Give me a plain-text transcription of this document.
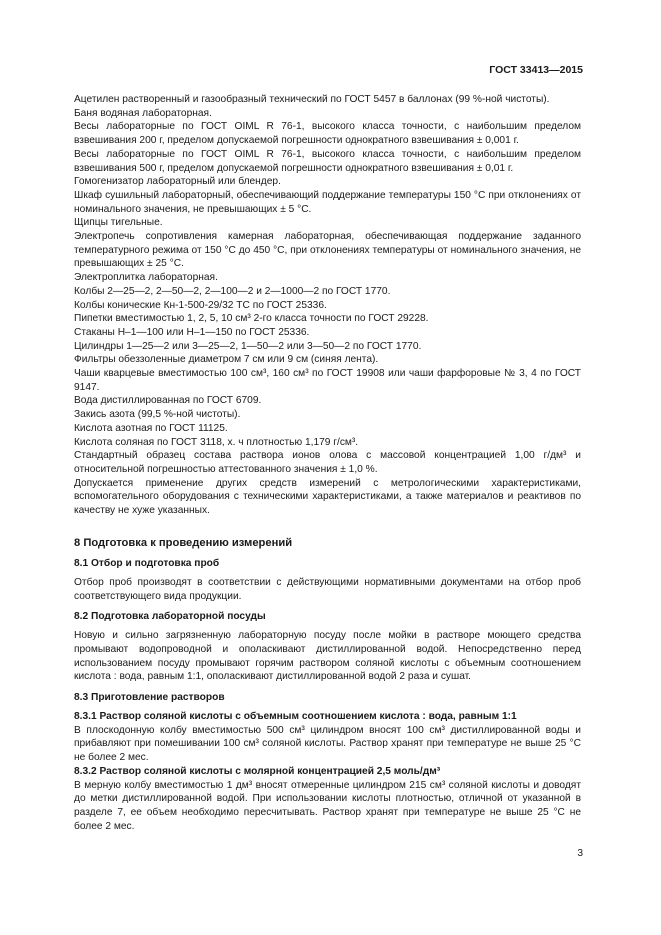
ГОСТ 33413—2015

Ацетилен растворенный и газообразный технический по ГОСТ 5457 в баллонах (99 %-ной чистоты).

Баня водяная лабораторная.

Весы лабораторные по ГОСТ OIML R 76-1, высокого класса точности, с наибольшим пределом взвешивания 200 г, пределом допускаемой погрешности однократного взвешивания ± 0,001 г.

Весы лабораторные по ГОСТ OIML R 76-1, высокого класса точности, с наибольшим пределом взвешивания 500 г, пределом допускаемой погрешности однократного взвешивания ± 0,01 г.

Гомогенизатор лабораторный или блендер.

Шкаф сушильный лабораторный, обеспечивающий поддержание температуры 150 °С при отклонениях от номинального значения, не превышающих ± 5 °С.

Щипцы тигельные.

Электропечь сопротивления камерная лабораторная, обеспечивающая поддержание заданного температурного режима от 150 °С до 450 °С, при отклонениях температуры от номинального значения, не превышающих ± 25 °С.

Электроплитка лабораторная.

Колбы 2—25—2, 2—50—2, 2—100—2 и 2—1000—2 по ГОСТ 1770.

Колбы конические Кн-1-500-29/32 ТС по ГОСТ 25336.

Пипетки вместимостью 1, 2, 5, 10 см³ 2-го класса точности по ГОСТ 29228.

Стаканы Н–1—100 или Н–1—150 по ГОСТ 25336.

Цилиндры 1—25—2 или 3—25—2, 1—50—2 или 3—50—2 по ГОСТ 1770.

Фильтры обеззоленные диаметром 7 см или 9 см (синяя лента).

Чаши кварцевые вместимостью 100 см³, 160 см³ по ГОСТ 19908 или чаши фарфоровые № 3, 4 по ГОСТ 9147.

Вода дистиллированная по ГОСТ 6709.

Закись азота (99,5 %-ной чистоты).

Кислота азотная по ГОСТ 11125.

Кислота соляная по ГОСТ 3118, х. ч плотностью 1,179 г/см³.

Стандартный образец состава раствора ионов олова с массовой концентрацией 1,00 г/дм³ и относительной погрешностью аттестованного значения ± 1,0 %.

Допускается применение других средств измерений с метрологическими характеристиками, вспомогательного оборудования с техническими характеристиками, а также материалов и реактивов по качеству не хуже указанных.

8 Подготовка к проведению измерений
8.1 Отбор и подготовка проб

Отбор проб производят в соответствии с действующими нормативными документами на отбор проб соответствующего вида продукции.

8.2 Подготовка лабораторной посуды

Новую и сильно загрязненную лабораторную посуду после мойки в растворе моющего средства промывают водопроводной и ополаскивают дистиллированной водой. Непосредственно перед использованием посуду промывают горячим раствором соляной кислоты с объемным соотношением кислота : вода, равным 1:1, ополаскивают дистиллированной водой 2 раза и сушат.

8.3 Приготовление растворов
8.3.1 Раствор соляной кислоты с объемным соотношением кислота : вода, равным 1:1

В плоскодонную колбу вместимостью 500 см³ цилиндром вносят 100 см³ дистиллированной воды и прибавляют при помешивании 100 см³ соляной кислоты. Раствор хранят при температуре не выше 25 °С не более 2 мес.

8.3.2 Раствор соляной кислоты с молярной концентрацией 2,5 моль/дм³

В мерную колбу вместимостью 1 дм³ вносят отмеренные цилиндром 215 см³ соляной кислоты и доводят до метки дистиллированной водой. При использовании кислоты плотностью, отличной от указанной в разделе 7, ее объем необходимо пересчитывать. Раствор хранят при температуре не выше 25 °С не более 2 мес.

3
